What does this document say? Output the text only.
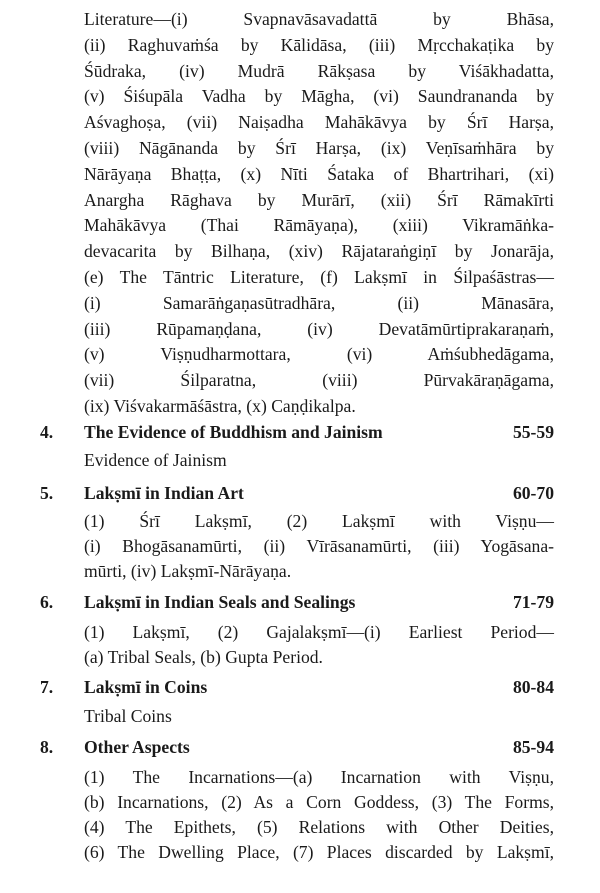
Literature—(i) Svapnavāsavadattā by Bhāsa,
(ii) Raghuvaṁśa by Kālidāsa, (iii) Mṛcchakaṭika by
Śūdraka, (iv) Mudrā Rākṣasa by Viśākhadatta,
(v) Śiśupāla Vadha by Māgha, (vi) Saundrananda by
Aśvaghoṣa, (vii) Naiṣadha Mahākāvya by Śrī Harṣa,
(viii) Nāgānanda by Śrī Harṣa, (ix) Veṇīsaṁhāra by
Nārāyaṇa Bhaṭṭa, (x) Nīti Śataka of Bhartrihari, (xi)
Anargha Rāghava by Murārī, (xii) Śrī Rāmakīrti
Mahākāvya (Thai Rāmāyaṇa), (xiii) Vikramāṅka-
devacarita by Bilhaṇa, (xiv) Rājataraṅgiṇī by Jonarāja,
(e) The Tāntric Literature, (f) Lakṣmī in Śilpaśāstras—
(i) Samarāṅgaṇasūtradhāra, (ii) Mānasāra,
(iii) Rūpamaṇḍana, (iv) Devatāmūrtiprakaraṇaṁ,
(v) Viṣṇudharmottara, (vi) Aṁśubhedāgama,
(vii) Śilparatna, (viii) Pūrvakāraṇāgama,
(ix) Viśvakarmāśāstra, (x) Caṇḍikalpa.
4.	The Evidence of Buddhism and Jainism	55-59
Evidence of Jainism
5.	Lakṣmī in Indian Art	60-70
(1) Śrī Lakṣmī, (2) Lakṣmī with Viṣṇu—
(i) Bhogāsanamūrti, (ii) Vīrāsanamūrti, (iii) Yogāsana-
mūrti, (iv) Lakṣmī-Nārāyaṇa.
6.	Lakṣmī in Indian Seals and Sealings	71-79
(1) Lakṣmī, (2) Gajalakṣmī—(i) Earliest Period—
(a) Tribal Seals, (b) Gupta Period.
7.	Lakṣmī in Coins	80-84
Tribal Coins
8.	Other Aspects	85-94
(1) The Incarnations—(a) Incarnation with Viṣṇu,
(b) Incarnations, (2) As a Corn Goddess, (3) The Forms,
(4) The Epithets, (5) Relations with Other Deities,
(6) The Dwelling Place, (7) Places discarded by Lakṣmī,
